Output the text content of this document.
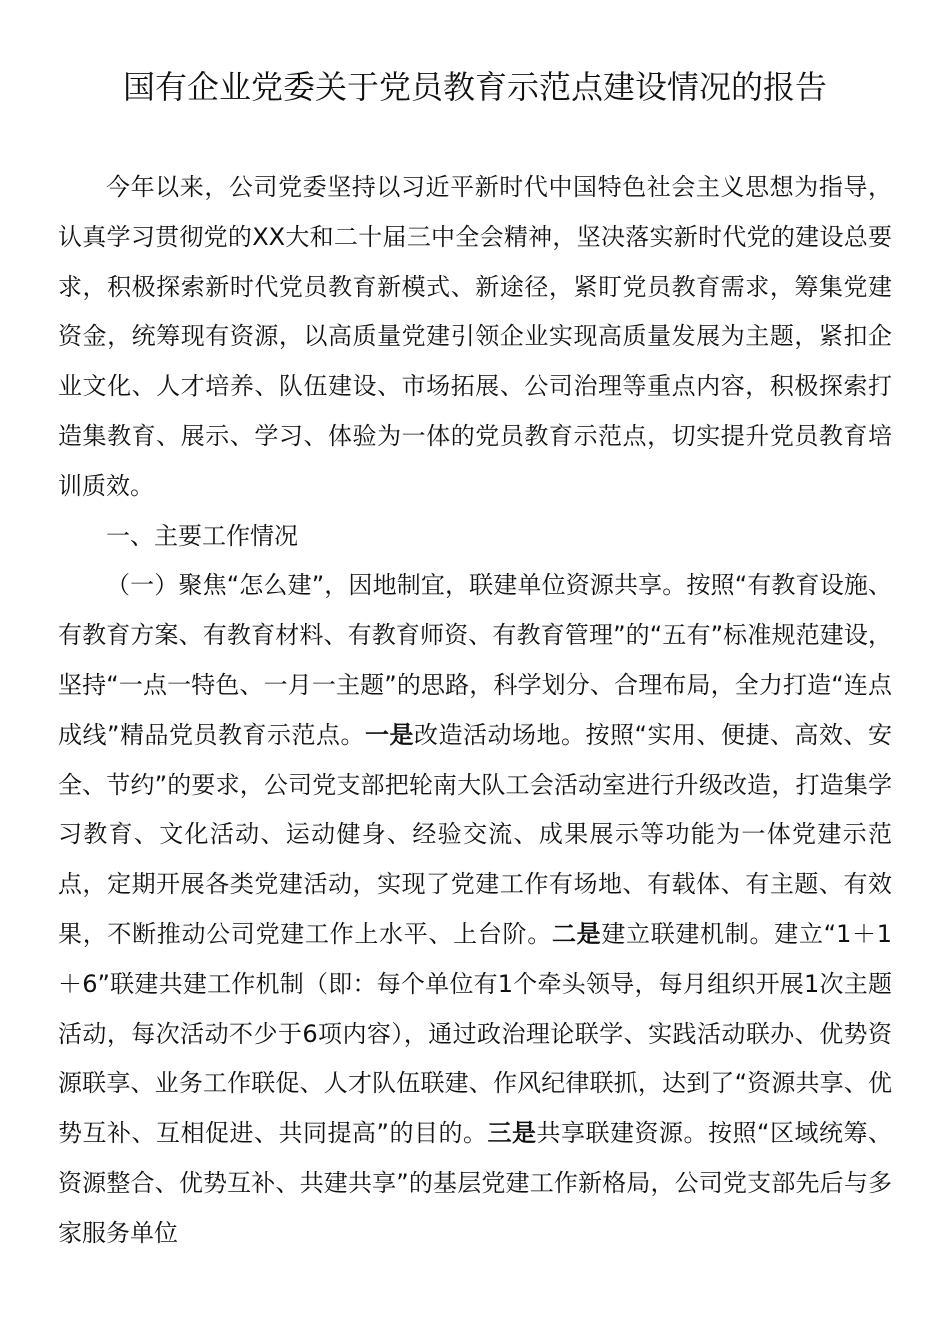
国有企业党委关于党员教育示范点建设情况的报告

今年以来，公司党委坚持以习近平新时代中国特色社会主义思想为指导，认真学习贯彻党的XX大和二十届三中全会精神，坚决落实新时代党的建设总要求，积极探索新时代党员教育新模式、新途径，紧盯党员教育需求，筹集党建资金，统筹现有资源，以高质量党建引领企业实现高质量发展为主题，紧扣企业文化、人才培养、队伍建设、市场拓展、公司治理等重点内容，积极探索打造集教育、展示、学习、体验为一体的党员教育示范点，切实提升党员教育培训质效。

一、主要工作情况

（一）聚焦“怎么建”，因地制宜，联建单位资源共享。按照“有教育设施、有教育方案、有教育材料、有教育师资、有教育管理”的“五有”标准规范建设，坚持“一点一特色、一月一主题”的思路，科学划分、合理布局，全力打造“连点成线”精品党员教育示范点。一是改造活动场地。按照“实用、便捷、高效、安全、节约”的要求，公司党支部把轮南大队工会活动室进行升级改造，打造集学习教育、文化活动、运动健身、经验交流、成果展示等功能为一体党建示范点，定期开展各类党建活动，实现了党建工作有场地、有载体、有主题、有效果，不断推动公司党建工作上水平、上台阶。二是建立联建机制。建立“1＋1＋6”联建共建工作机制（即：每个单位有1个牵头领导，每月组织开展1次主题活动，每次活动不少于6项内容），通过政治理论联学、实践活动联办、优势资源联享、业务工作联促、人才队伍联建、作风纪律联抓，达到了“资源共享、优势互补、互相促进、共同提高”的目的。三是共享联建资源。按照“区域统筹、资源整合、优势互补、共建共享”的基层党建工作新格局，公司党支部先后与多家服务单位
